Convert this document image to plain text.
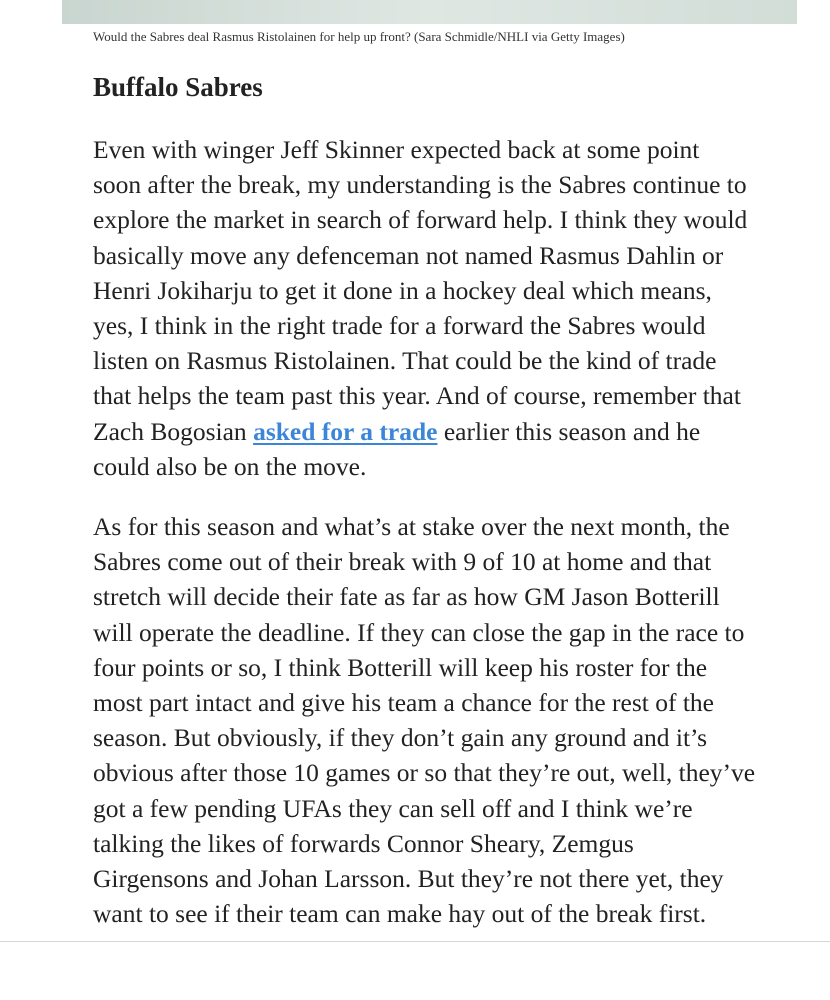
Would the Sabres deal Rasmus Ristolainen for help up front? (Sara Schmidle/NHLI via Getty Images)
Buffalo Sabres

Even with winger Jeff Skinner expected back at some point
soon after the break, my understanding is the Sabres continue to
explore the market in search of forward help. I think they would
basically move any defenceman not named Rasmus Dahlin or
Henri Jokiharju to get it done in a hockey deal which means,
yes, I think in the right trade for a forward the Sabres would
listen on Rasmus Ristolainen. That could be the kind of trade
that helps the team past this year. And of course, remember that
Zach Bogosian asked for a trade earlier this season and he
could also be on the move.

As for this season and what’s at stake over the next month, the
Sabres come out of their break with 9 of 10 at home and that
stretch will decide their fate as far as how GM Jason Botterill
will operate the deadline. If they can close the gap in the race to
four points or so, I think Botterill will keep his roster for the
most part intact and give his team a chance for the rest of the
season. But obviously, if they don’t gain any ground and it’s
obvious after those 10 games or so that they’re out, well, they’ve
got a few pending UFAs they can sell off and I think we’re
talking the likes of forwards Connor Sheary, Zemgus
Girgensons and Johan Larsson. But they’re not there yet, they
want to see if their team can make hay out of the break first.
